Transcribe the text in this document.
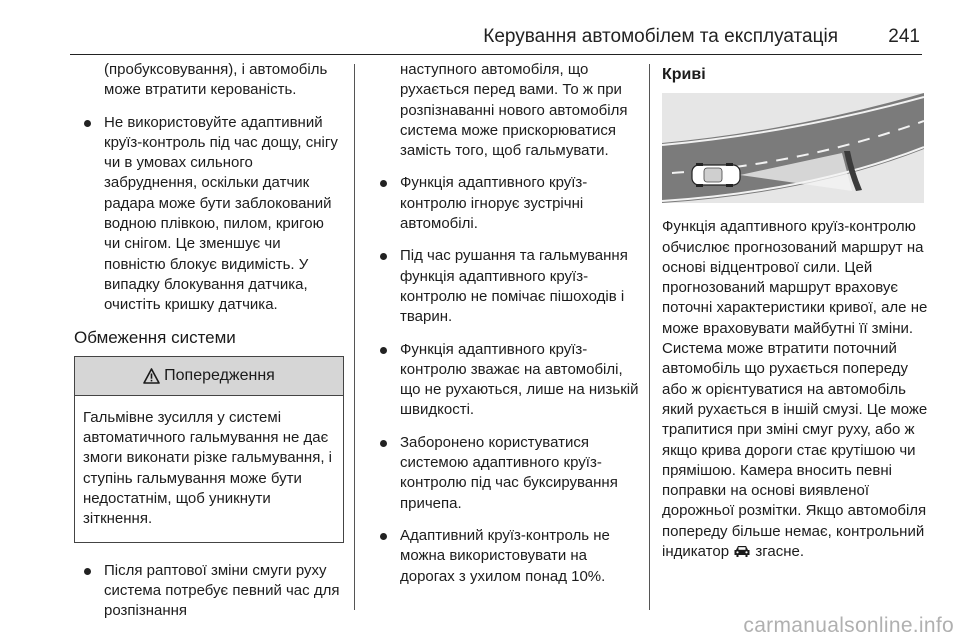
Керування автомобілем та експлуатація	241

(пробуксовування), і автомобіль може втратити керованість.

Не використовуйте адаптивний круїз-контроль під час дощу, снігу чи в умовах сильного забруднення, оскільки датчик радара може бути заблокований водною плівкою, пилом, кригою чи снігом. Це зменшує чи повністю блокує видимість. У випадку блокування датчика, очистіть кришку датчика.
Обмеження системи
Попередження
Гальмівне зусилля у системі автоматичного гальмування не дає змоги виконати різке гальмування, і ступінь гальмування може бути недостатнім, щоб уникнути зіткнення.
Після раптової зміни смуги руху система потребує певний час для розпізнання

наступного автомобіля, що рухається перед вами. То ж при розпізнаванні нового автомобіля система може прискорюватися замість того, щоб гальмувати.

Функція адаптивного круїз-контролю ігнорує зустрічні автомобілі.
Під час рушання та гальмування функція адаптивного круїз-контролю не помічає пішоходів і тварин.
Функція адаптивного круїз-контролю зважає на автомобілі, що не рухаються, лише на низькій швидкості.
Заборонено користуватися системою адаптивного круїз-контролю під час буксирування причепа.
Адаптивний круїз-контроль не можна використовувати на дорогах з ухилом понад 10%.
Криві
Функція адаптивного круїз-контролю обчислює прогнозований маршрут на основі відцентрової сили. Цей прогнозований маршрут враховує поточні характеристики кривої, але не може враховувати майбутні її зміни. Система може втратити поточний автомобіль що рухається попереду або ж орієнтуватися на автомобіль який рухається в іншій смузі. Це може трапитися при зміні смуг руху, або ж якщо крива дороги стає крутішою чи прямішою. Камера вносить певні поправки на основі виявленої дорожньої розмітки. Якщо автомобіля попереду більше немає, контрольний індикатор згасне.
carmanualsonline.info
